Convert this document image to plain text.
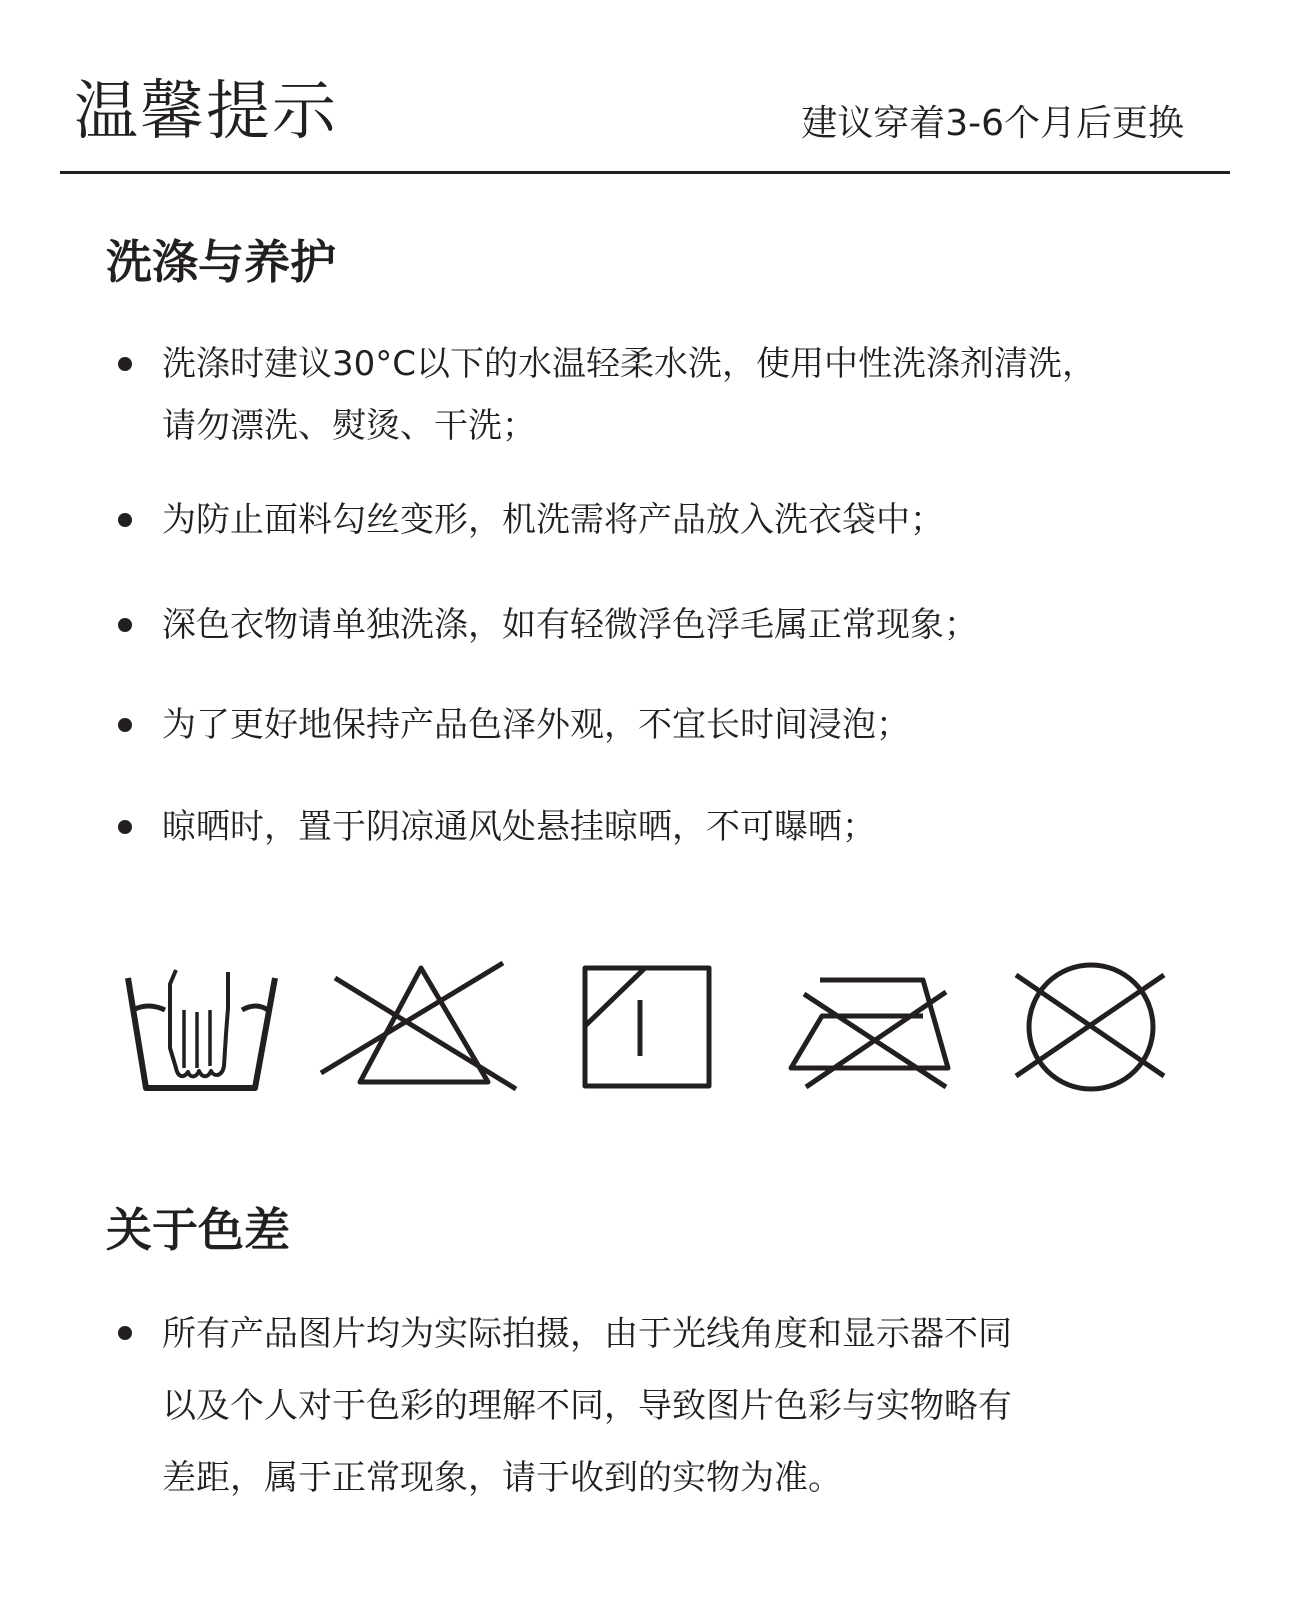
温馨提示	建议穿着3-6个月后更换
洗涤与养护
洗涤时建议30°C以下的水温轻柔水洗，使用中性洗涤剂清洗，
请勿漂洗、熨烫、干洗；
为防止面料勾丝变形，机洗需将产品放入洗衣袋中；
深色衣物请单独洗涤，如有轻微浮色浮毛属正常现象；
为了更好地保持产品色泽外观，不宜长时间浸泡；
晾晒时，置于阴凉通风处悬挂晾晒，不可曝晒；
关于色差
所有产品图片均为实际拍摄，由于光线角度和显示器不同
以及个人对于色彩的理解不同，导致图片色彩与实物略有
差距，属于正常现象，请于收到的实物为准。
